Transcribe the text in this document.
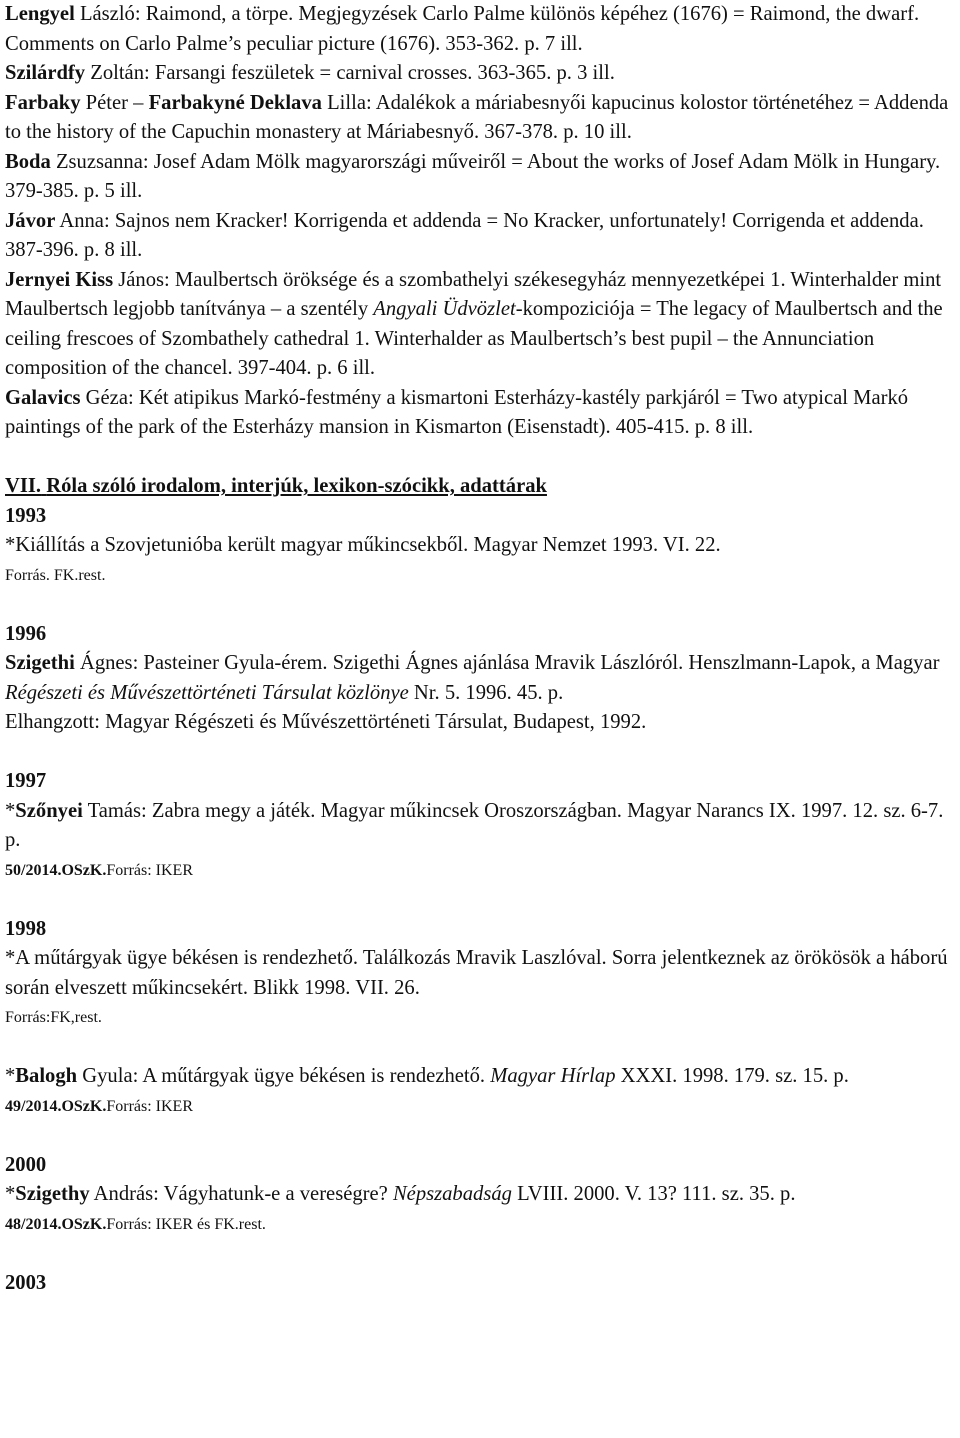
Lengyel László: Raimond, a törpe. Megjegyzések Carlo Palme különös képéhez (1676) = Raimond, the dwarf. Comments on Carlo Palme’s peculiar picture (1676). 353-362. p. 7 ill.

Szilárdfy Zoltán: Farsangi feszületek = carnival crosses. 363-365. p. 3 ill.

Farbaky Péter – Farbakyné Deklava Lilla: Adalékok a máriabesnyői kapucinus kolostor történetéhez = Addenda to the history of the Capuchin monastery at Máriabesnyő. 367-378. p. 10 ill.

Boda Zsuzsanna: Josef Adam Mölk magyarországi műveiről = About the works of Josef Adam Mölk in Hungary. 379-385. p. 5 ill.

Jávor Anna: Sajnos nem Kracker! Korrigenda et addenda = No Kracker, unfortunately! Corrigenda et addenda. 387-396. p. 8 ill.

Jernyei Kiss János: Maulbertsch öröksége és a szombathelyi székesegyház mennyezetképei 1. Winterhalder mint Maulbertsch legjobb tanítványa – a szentély Angyali Üdvözlet-kompoziciója = The legacy of Maulbertsch and the ceiling frescoes of Szombathely cathedral 1. Winterhalder as Maulbertsch’s best pupil – the Annunciation composition of the chancel. 397-404. p. 6 ill.

Galavics Géza: Két atipikus Markó-festmény a kismartoni Esterházy-kastély parkjáról = Two atypical Markó paintings of the park of the Esterházy mansion in Kismarton (Eisenstadt). 405-415. p. 8 ill.

VII. Róla szóló irodalom, interjúk, lexikon-szócikk, adattárak

1993

*Kiállítás a Szovjetunióba került magyar műkincsekből. Magyar Nemzet 1993. VI. 22.

Forrás. FK.rest.

1996

Szigethi Ágnes: Pasteiner Gyula-érem. Szigethi Ágnes ajánlása Mravik Lászlóról. Henszlmann-Lapok, a Magyar Régészeti és Művészettörténeti Társulat közlönye Nr. 5. 1996. 45. p.

Elhangzott: Magyar Régészeti és Művészettörténeti Társulat, Budapest, 1992.

1997

*Szőnyei Tamás: Zabra megy a játék. Magyar műkincsek Oroszországban. Magyar Narancs IX. 1997. 12. sz. 6-7. p.

50/2014.OSzK.Forrás: IKER

1998

*A műtárgyak ügye békésen is rendezhető. Találkozás Mravik Laszlóval. Sorra jelentkeznek az örökösök a háború során elveszett műkincsekért. Blikk 1998. VII. 26.

Forrás:FK,rest.

*Balogh Gyula: A műtárgyak ügye békésen is rendezhető. Magyar Hírlap XXXI. 1998. 179. sz. 15. p.

49/2014.OSzK.Forrás: IKER

2000

*Szigethy András: Vágyhatunk-e a vereségre? Népszabadság LVIII. 2000. V. 13? 111. sz. 35. p.

48/2014.OSzK.Forrás: IKER és FK.rest.

2003
